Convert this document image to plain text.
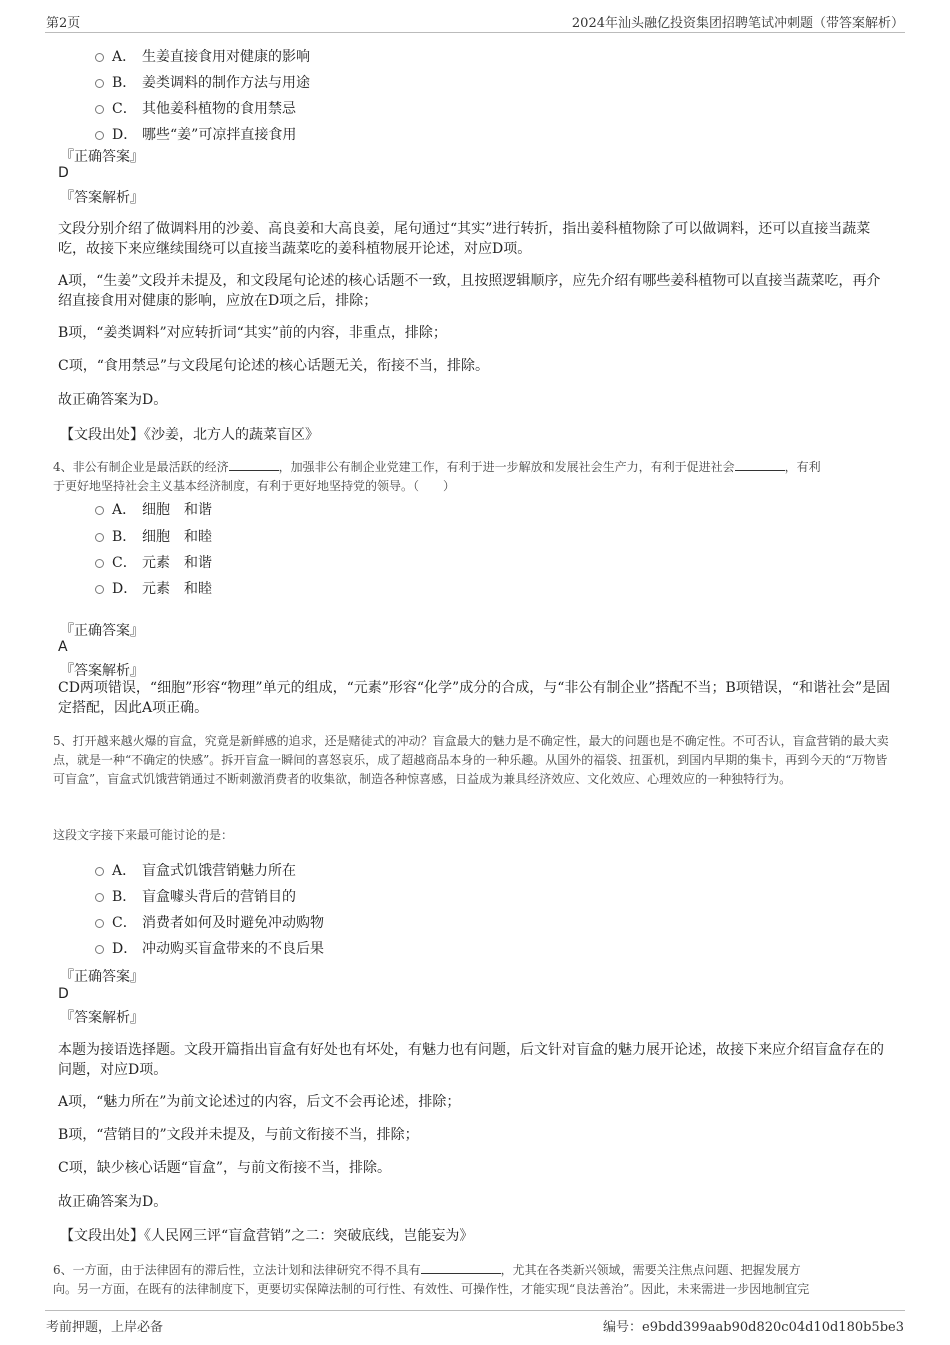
第2页	2024年汕头融亿投资集团招聘笔试冲刺题（带答案解析）
A． 生姜直接食用对健康的影响
B． 姜类调料的制作方法与用途
C． 其他姜科植物的食用禁忌
D． 哪些“姜”可凉拌直接食用
『正确答案』
D
『答案解析』
文段分别介绍了做调料用的沙姜、高良姜和大高良姜，尾句通过“其实”进行转折，指出姜科植物除了可以做调料，还可以直接当蔬菜吃，故接下来应继续围绕可以直接当蔬菜吃的姜科植物展开论述，对应D项。
A项，“生姜”文段并未提及，和文段尾句论述的核心话题不一致，且按照逻辑顺序，应先介绍有哪些姜科植物可以直接当蔬菜吃，再介绍直接食用对健康的影响，应放在D项之后，排除；
B项，“姜类调料”对应转折词“其实”前的内容，非重点，排除；
C项，“食用禁忌”与文段尾句论述的核心话题无关，衔接不当，排除。
故正确答案为D。
【文段出处】《沙姜，北方人的蔬菜盲区》
4、非公有制企业是最活跃的经济	，加强非公有制企业党建工作，有利于进一步解放和发展社会生产力，有利于促进社会	，有利
于更好地坚持社会主义基本经济制度，有利于更好地坚持党的领导。（　　）
A． 细胞　和谐
B． 细胞　和睦
C． 元素　和谐
D． 元素　和睦
『正确答案』
A
『答案解析』
CD两项错误，“细胞”形容“物理”单元的组成，“元素”形容“化学”成分的合成，与“非公有制企业”搭配不当；B项错误，“和谐社会”是固定搭配，因此A项正确。
5、打开越来越火爆的盲盒，究竟是新鲜感的追求，还是赌徒式的冲动？盲盒最大的魅力是不确定性，最大的问题也是不确定性。不可否认，盲盒营销的最大卖点，就是一种“不确定的快感”。拆开盲盒一瞬间的喜怒哀乐，成了超越商品本身的一种乐趣。从国外的福袋、扭蛋机，到国内早期的集卡，再到今天的“万物皆可盲盒”，盲盒式饥饿营销通过不断刺激消费者的收集欲，制造各种惊喜感，日益成为兼具经济效应、文化效应、心理效应的一种独特行为。
这段文字接下来最可能讨论的是：
A． 盲盒式饥饿营销魅力所在
B． 盲盒噱头背后的营销目的
C． 消费者如何及时避免冲动购物
D． 冲动购买盲盒带来的不良后果
『正确答案』
D
『答案解析』
本题为接语选择题。文段开篇指出盲盒有好处也有坏处，有魅力也有问题，后文针对盲盒的魅力展开论述，故接下来应介绍盲盒存在的问题，对应D项。
A项，“魅力所在”为前文论述过的内容，后文不会再论述，排除；
B项，“营销目的”文段并未提及，与前文衔接不当，排除；
C项，缺少核心话题“盲盒”，与前文衔接不当，排除。
故正确答案为D。
【文段出处】《人民网三评“盲盒营销”之二：突破底线，岂能妄为》
6、一方面，由于法律固有的滞后性，立法计划和法律研究不得不具有	，尤其在各类新兴领域，需要关注焦点问题、把握发展方
向。另一方面，在既有的法律制度下，更要切实保障法制的可行性、有效性、可操作性，才能实现“良法善治”。因此，未来需进一步因地制宜完
考前押题，上岸必备	编号：e9bdd399aab90d820c04d10d180b5be3
